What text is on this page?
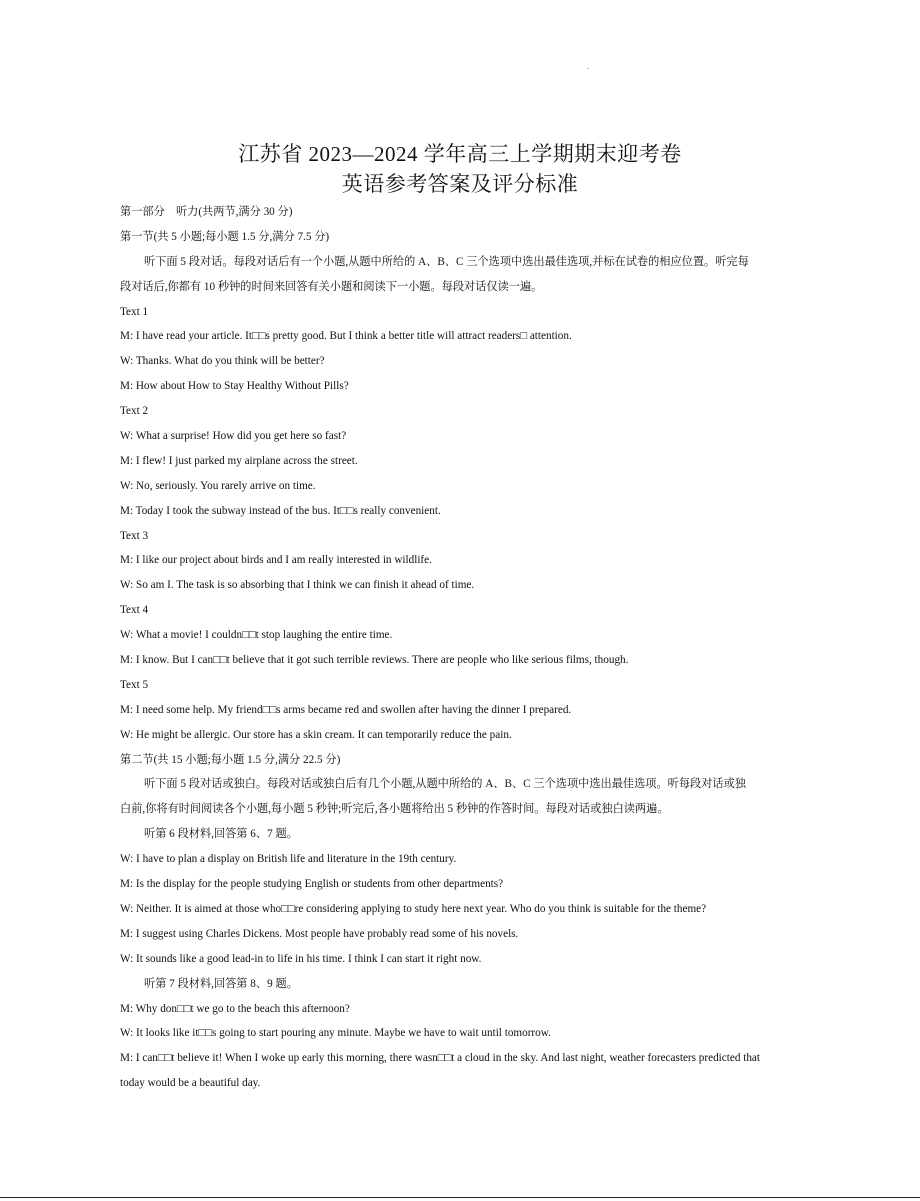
.
江苏省 2023—2024 学年高三上学期期末迎考卷
英语参考答案及评分标准
第一部分　听力(共两节,满分 30 分)
第一节(共 5 小题;每小题 1.5 分,满分 7.5 分)
听下面 5 段对话。每段对话后有一个小题,从题中所给的 A、B、C 三个选项中选出最佳选项,并标在试卷的相应位置。听完每
段对话后,你都有 10 秒钟的时间来回答有关小题和阅读下一小题。每段对话仅读一遍。
Text 1
M: I have read your article. It□□s pretty good. But I think a better title will attract readers□ attention.
W: Thanks. What do you think will be better?
M: How about How to Stay Healthy Without Pills?
Text 2
W: What a surprise! How did you get here so fast?
M: I flew! I just parked my airplane across the street.
W: No, seriously. You rarely arrive on time.
M: Today I took the subway instead of the bus. It□□s really convenient.
Text 3
M: I like our project about birds and I am really interested in wildlife.
W: So am I. The task is so absorbing that I think we can finish it ahead of time.
Text 4
W: What a movie! I couldn□□t stop laughing the entire time.
M: I know. But I can□□t believe that it got such terrible reviews. There are people who like serious films, though.
Text 5
M: I need some help. My friend□□s arms became red and swollen after having the dinner I prepared.
W: He might be allergic. Our store has a skin cream. It can temporarily reduce the pain.
第二节(共 15 小题;每小题 1.5 分,满分 22.5 分)
听下面 5 段对话或独白。每段对话或独白后有几个小题,从题中所给的 A、B、C 三个选项中选出最佳选项。听每段对话或独
白前,你将有时间阅读各个小题,每小题 5 秒钟;听完后,各小题将给出 5 秒钟的作答时间。每段对话或独白读两遍。
听第 6 段材料,回答第 6、7 题。
W: I have to plan a display on British life and literature in the 19th century.
M: Is the display for the people studying English or students from other departments?
W: Neither. It is aimed at those who□□re considering applying to study here next year. Who do you think is suitable for the theme?
M: I suggest using Charles Dickens. Most people have probably read some of his novels.
W: It sounds like a good lead-in to life in his time. I think I can start it right now.
听第 7 段材料,回答第 8、9 题。
M: Why don□□t we go to the beach this afternoon?
W: It looks like it□□s going to start pouring any minute. Maybe we have to wait until tomorrow.
M: I can□□t believe it! When I woke up early this morning, there wasn□□t a cloud in the sky. And last night, weather forecasters predicted that
today would be a beautiful day.
